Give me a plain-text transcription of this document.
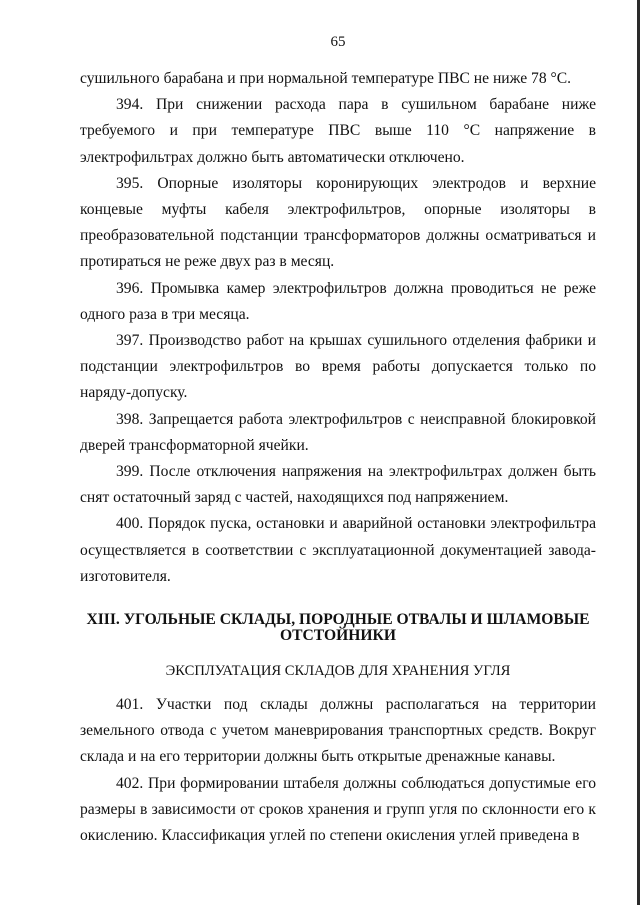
65

сушильного барабана и при нормальной температуре ПВС не ниже 78 °С.

394. При снижении расхода пара в сушильном барабане ниже требуемого и при температуре ПВС выше 110 °С напряжение в электрофильтрах должно быть автоматически отключено.

395. Опорные изоляторы коронирующих электродов и верхние концевые муфты кабеля электрофильтров, опорные изоляторы в преобразовательной подстанции трансформаторов должны осматриваться и протираться не реже двух раз в месяц.

396. Промывка камер электрофильтров должна проводиться не реже одного раза в три месяца.

397. Производство работ на крышах сушильного отделения фабрики и подстанции электрофильтров во время работы допускается только по наряду-допуску.

398. Запрещается работа электрофильтров с неисправной блокировкой дверей трансформаторной ячейки.

399. После отключения напряжения на электрофильтрах должен быть снят остаточный заряд с частей, находящихся под напряжением.

400. Порядок пуска, остановки и аварийной остановки электрофильтра осуществляется в соответствии с эксплуатационной документацией завода-изготовителя.

XIII. УГОЛЬНЫЕ СКЛАДЫ, ПОРОДНЫЕ ОТВАЛЫ И ШЛАМОВЫЕ
ОТСТОЙНИКИ
ЭКСПЛУАТАЦИЯ СКЛАДОВ ДЛЯ ХРАНЕНИЯ УГЛЯ

401. Участки под склады должны располагаться на территории земельного отвода с учетом маневрирования транспортных средств. Вокруг склада и на его территории должны быть открытые дренажные канавы.

402. При формировании штабеля должны соблюдаться допустимые его размеры в зависимости от сроков хранения и групп угля по склонности его к окислению. Классификация углей по степени окисления углей приведена в
